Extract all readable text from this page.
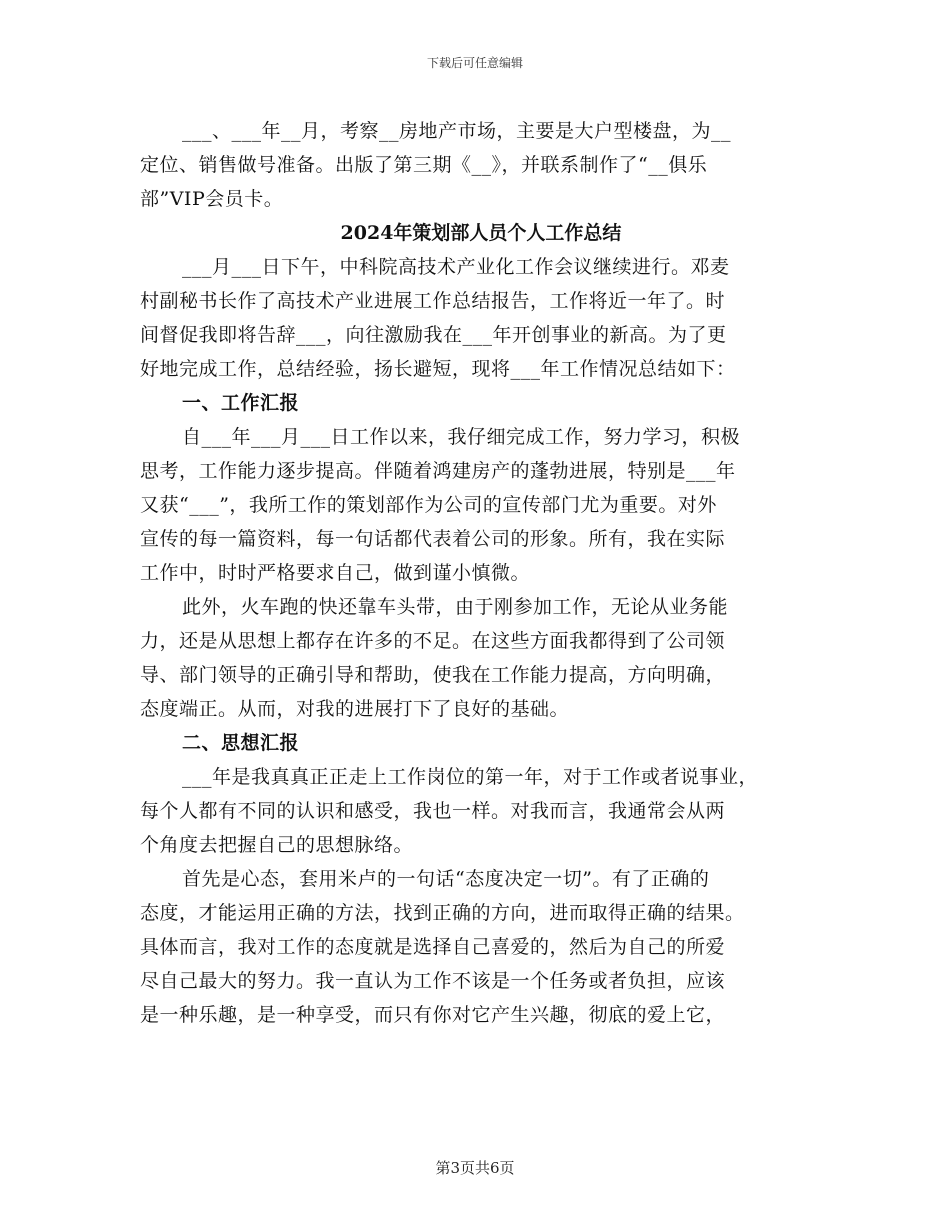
下载后可任意编辑
___、___年__月，考察__房地产市场，主要是大户型楼盘，为__
定位、销售做号准备。出版了第三期《__》，并联系制作了“__俱乐
部”VIP会员卡。
2024年策划部人员个人工作总结
___月___日下午，中科院高技术产业化工作会议继续进行。邓麦
村副秘书长作了高技术产业进展工作总结报告，工作将近一年了。时
间督促我即将告辞___，向往激励我在___年开创事业的新高。为了更
好地完成工作，总结经验，扬长避短，现将___年工作情况总结如下：
一、工作汇报
自___年___月___日工作以来，我仔细完成工作，努力学习，积极
思考，工作能力逐步提高。伴随着鸿建房产的蓬勃进展，特别是___年
又获“___”，我所工作的策划部作为公司的宣传部门尤为重要。对外
宣传的每一篇资料，每一句话都代表着公司的形象。所有，我在实际
工作中，时时严格要求自己，做到谨小慎微。
此外，火车跑的快还靠车头带，由于刚参加工作，无论从业务能
力，还是从思想上都存在许多的不足。在这些方面我都得到了公司领
导、部门领导的正确引导和帮助，使我在工作能力提高，方向明确，
态度端正。从而，对我的进展打下了良好的基础。
二、思想汇报
___年是我真真正正走上工作岗位的第一年，对于工作或者说事业，
每个人都有不同的认识和感受，我也一样。对我而言，我通常会从两
个角度去把握自己的思想脉络。
首先是心态，套用米卢的一句话“态度决定一切”。有了正确的
态度，才能运用正确的方法，找到正确的方向，进而取得正确的结果。
具体而言，我对工作的态度就是选择自己喜爱的，然后为自己的所爱
尽自己最大的努力。我一直认为工作不该是一个任务或者负担，应该
是一种乐趣，是一种享受，而只有你对它产生兴趣，彻底的爱上它，
第3页共6页
